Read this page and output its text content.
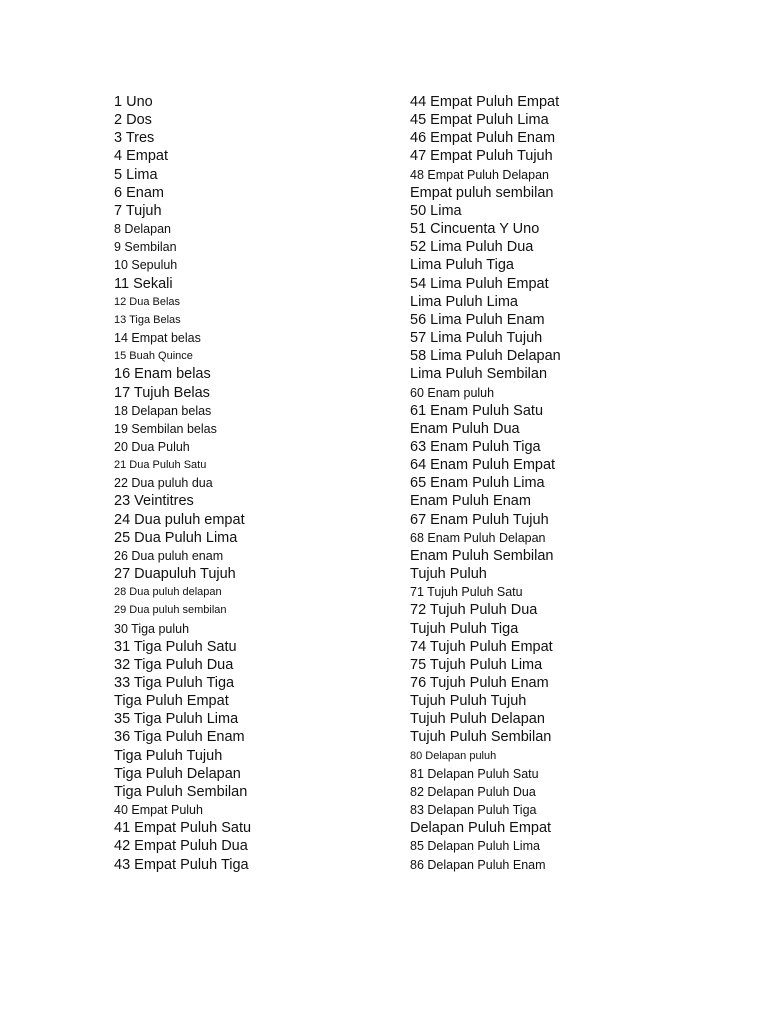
1 Uno
2 Dos
3 Tres
4 Empat
5 Lima
6 Enam
7 Tujuh
8 Delapan
9 Sembilan
10 Sepuluh
11 Sekali
12 Dua Belas
13 Tiga Belas
14 Empat belas
15 Buah Quince
16 Enam belas
17 Tujuh Belas
18 Delapan belas
19 Sembilan belas
20 Dua Puluh
21 Dua Puluh Satu
22 Dua puluh dua
23 Veintitres
24 Dua puluh empat
25 Dua Puluh Lima
26 Dua puluh enam
27 Duapuluh Tujuh
28 Dua puluh delapan
29 Dua puluh sembilan
30 Tiga puluh
31 Tiga Puluh Satu
32 Tiga Puluh Dua
33 Tiga Puluh Tiga
Tiga Puluh Empat
35 Tiga Puluh Lima
36 Tiga Puluh Enam
Tiga Puluh Tujuh
Tiga Puluh Delapan
Tiga Puluh Sembilan
40 Empat Puluh
41 Empat Puluh Satu
42 Empat Puluh Dua
43 Empat Puluh Tiga
44 Empat Puluh Empat
45 Empat Puluh Lima
46 Empat Puluh Enam
47 Empat Puluh Tujuh
48 Empat Puluh Delapan
Empat puluh sembilan
50 Lima
51 Cincuenta Y Uno
52 Lima Puluh Dua
Lima Puluh Tiga
54 Lima Puluh Empat
Lima Puluh Lima
56 Lima Puluh Enam
57 Lima Puluh Tujuh
58 Lima Puluh Delapan
Lima Puluh Sembilan
60 Enam puluh
61 Enam Puluh Satu
Enam Puluh Dua
63 Enam Puluh Tiga
64 Enam Puluh Empat
65 Enam Puluh Lima
Enam Puluh Enam
67 Enam Puluh Tujuh
68 Enam Puluh Delapan
Enam Puluh Sembilan
Tujuh Puluh
71 Tujuh Puluh Satu
72 Tujuh Puluh Dua
Tujuh Puluh Tiga
74 Tujuh Puluh Empat
75 Tujuh Puluh Lima
76 Tujuh Puluh Enam
Tujuh Puluh Tujuh
Tujuh Puluh Delapan
Tujuh Puluh Sembilan
80 Delapan puluh
81 Delapan Puluh Satu
82 Delapan Puluh Dua
83 Delapan Puluh Tiga
Delapan Puluh Empat
85 Delapan Puluh Lima
86 Delapan Puluh Enam
